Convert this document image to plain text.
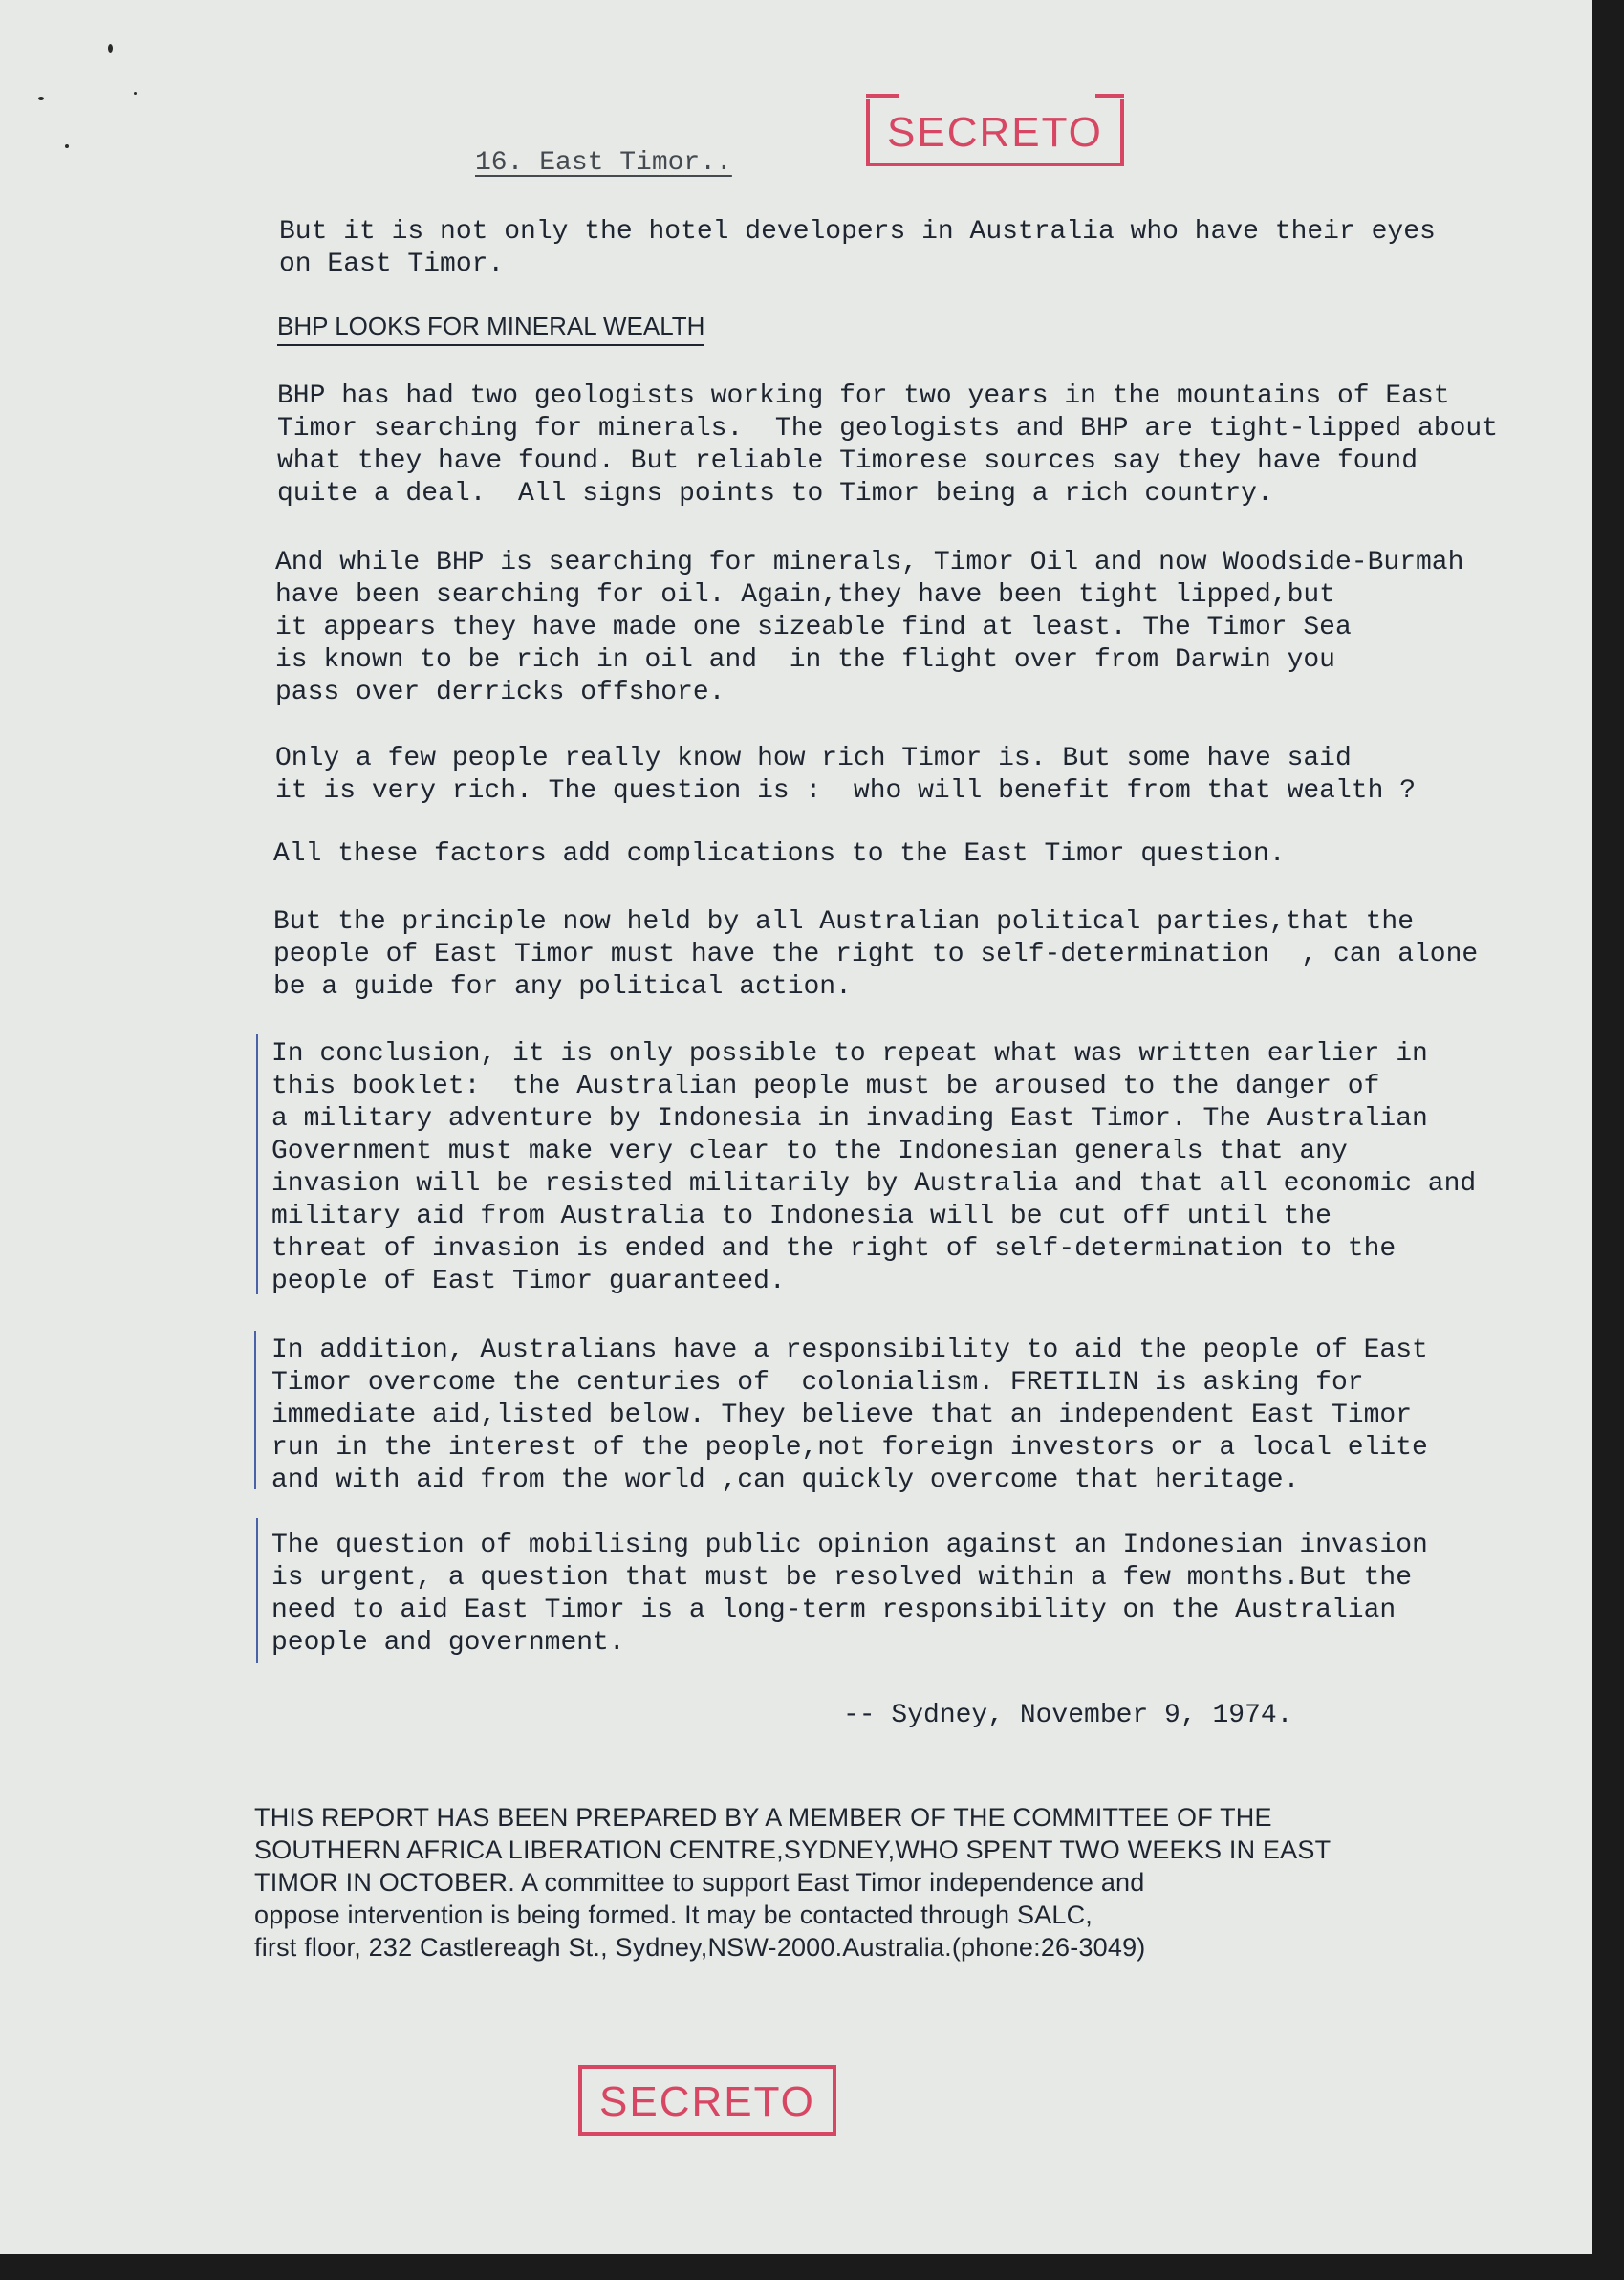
SECRETO
16. East Timor..

But it is not only the hotel developers in Australia who have their eyes
on East Timor.

BHP LOOKS FOR MINERAL WEALTH

BHP has had two geologists working for two years in the mountains of East
Timor searching for minerals.  The geologists and BHP are tight-lipped about
what they have found. But reliable Timorese sources say they have found
quite a deal.  All signs points to Timor being a rich country.

And while BHP is searching for minerals, Timor Oil and now Woodside-Burmah
have been searching for oil. Again,they have been tight lipped,but
it appears they have made one sizeable find at least. The Timor Sea
is known to be rich in oil and  in the flight over from Darwin you
pass over derricks offshore.

Only a few people really know how rich Timor is. But some have said
it is very rich. The question is :  who will benefit from that wealth ?

All these factors add complications to the East Timor question.

But the principle now held by all Australian political parties,that the
people of East Timor must have the right to self-determination  , can alone
be a guide for any political action.

In conclusion, it is only possible to repeat what was written earlier in
this booklet:  the Australian people must be aroused to the danger of
a military adventure by Indonesia in invading East Timor. The Australian
Government must make very clear to the Indonesian generals that any
invasion will be resisted militarily by Australia and that all economic and
military aid from Australia to Indonesia will be cut off until the
threat of invasion is ended and the right of self-determination to the
people of East Timor guaranteed.

In addition, Australians have a responsibility to aid the people of East
Timor overcome the centuries of  colonialism. FRETILIN is asking for
immediate aid,listed below. They believe that an independent East Timor
run in the interest of the people,not foreign investors or a local elite
and with aid from the world ,can quickly overcome that heritage.

The question of mobilising public opinion against an Indonesian invasion
is urgent, a question that must be resolved within a few months.But the
need to aid East Timor is a long-term responsibility on the Australian
people and government.

-- Sydney, November 9, 1974.

THIS REPORT HAS BEEN PREPARED BY A MEMBER OF THE COMMITTEE OF THE
SOUTHERN AFRICA LIBERATION CENTRE,SYDNEY,WHO SPENT TWO WEEKS IN EAST
TIMOR IN OCTOBER. A committee to support East Timor independence and
oppose intervention is being formed. It may be contacted through SALC,
first floor, 232 Castlereagh St., Sydney,NSW-2000.Australia.(phone:26-3049)

SECRETO
